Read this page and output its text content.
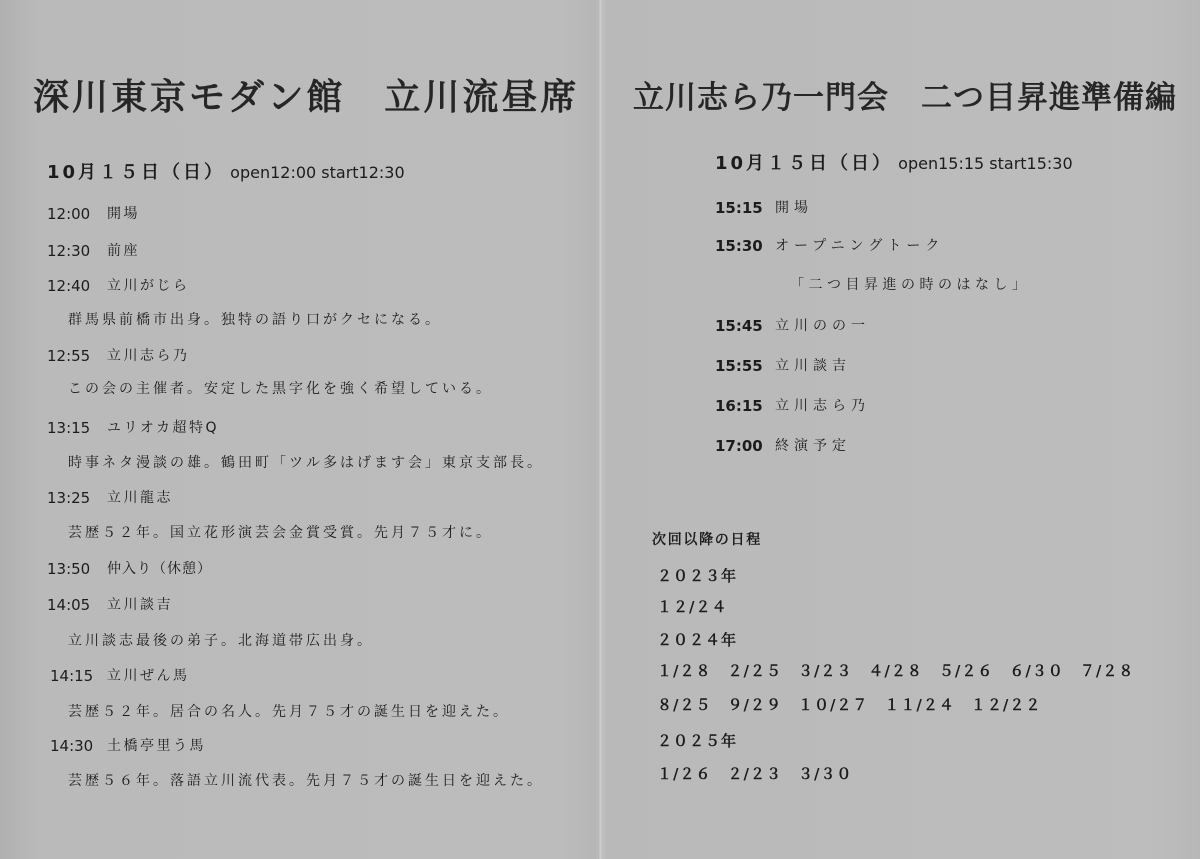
深川東京モダン館　立川流昼席
10月１５日（日） open12:00 start12:30
12:00	開場
12:30	前座
12:40	立川がじら
群馬県前橋市出身。独特の語り口がクセになる。
12:55	立川志ら乃
この会の主催者。安定した黒字化を強く希望している。
13:15	ユリオカ超特Q
時事ネタ漫談の雄。鶴田町「ツル多はげます会」東京支部長。
13:25	立川龍志
芸歴５２年。国立花形演芸会金賞受賞。先月７５才に。
13:50	仲入り（休憩）
14:05	立川談吉
立川談志最後の弟子。北海道帯広出身。
14:15 立川ぜん馬
芸歴５２年。居合の名人。先月７５才の誕生日を迎えた。
14:30 土橋亭里う馬
芸歴５６年。落語立川流代表。先月７５才の誕生日を迎えた。
立川志ら乃一門会　二つ目昇進準備編
10月１５日（日） open15:15 start15:30
15:15 開場
15:30 オープニングトーク
「二つ目昇進の時のはなし」
15:45 立川のの一
15:55 立川談吉
16:15 立川志ら乃
17:00 終演予定
次回以降の日程
２０２３年
１２/２４
２０２４年
１/２８　２/２５　３/２３　４/２８　５/２６　６/３０　７/２８
８/２５　９/２９　１０/２７　１１/２４　１２/２２
２０２５年
１/２６　２/２３　３/３０
